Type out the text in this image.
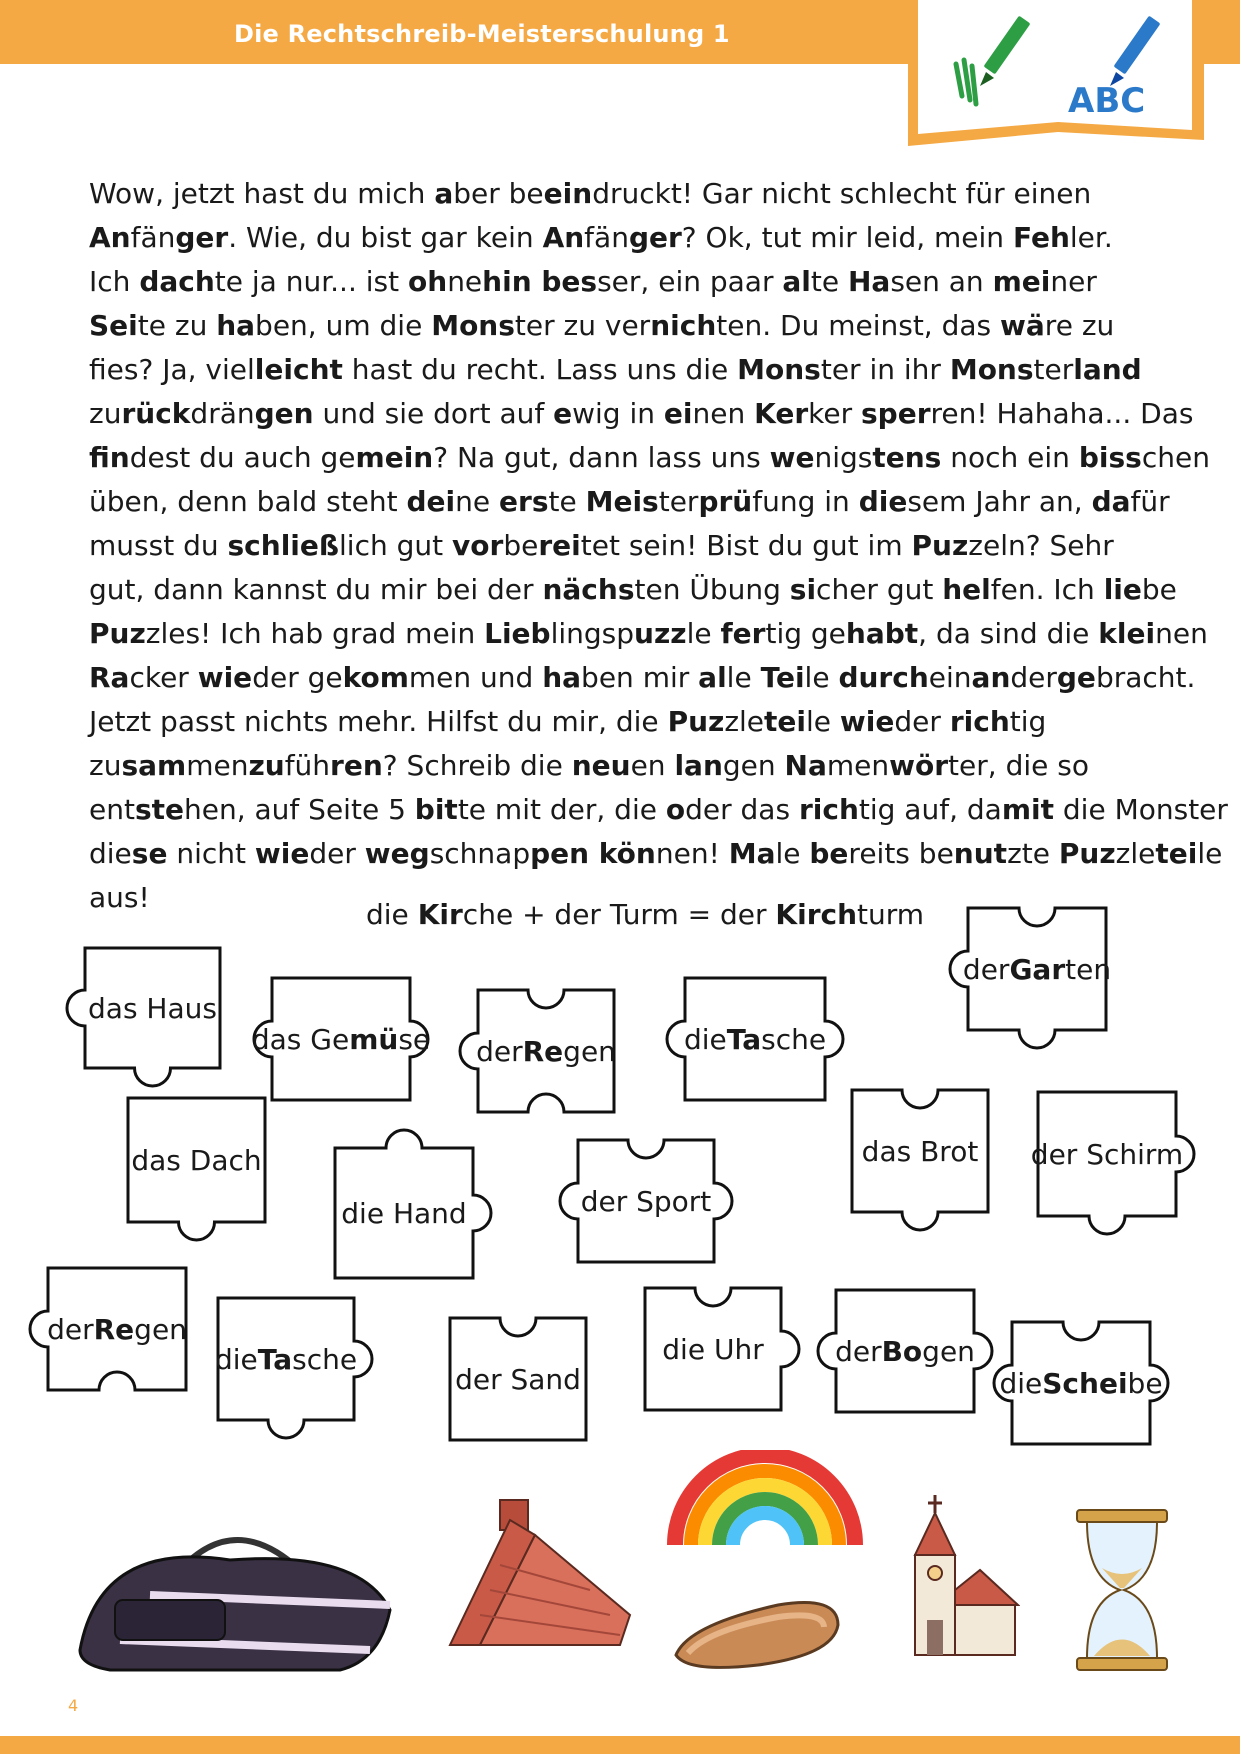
Die Rechtschreib-Meisterschulung 1
ABC

Wow, jetzt hast du mich aber beeindruckt! Gar nicht schlecht für einen
Anfänger. Wie, du bist gar kein Anfänger? Ok, tut mir leid, mein Fehler.
Ich dachte ja nur... ist ohnehin besser, ein paar alte Hasen an meiner
Seite zu haben, um die Monster zu vernichten. Du meinst, das wäre zu
fies? Ja, vielleicht hast du recht. Lass uns die Monster in ihr Monsterland
zurückdrängen und sie dort auf ewig in einen Kerker sperren! Hahaha... Das
findest du auch gemein? Na gut, dann lass uns wenigstens noch ein bisschen
üben, denn bald steht deine erste Meisterprüfung in diesem Jahr an, dafür
musst du schließlich gut vorbereitet sein! Bist du gut im Puzzeln? Sehr
gut, dann kannst du mir bei der nächsten Übung sicher gut helfen. Ich liebe
Puzzles! Ich hab grad mein Lieblingspuzzle fertig gehabt, da sind die kleinen
Racker wieder gekommen und haben mir alle Teile durcheinandergebracht.
Jetzt passt nichts mehr. Hilfst du mir, die Puzzleteile wieder richtig
zusammenzuführen? Schreib die neuen langen Namenwörter, die so
entstehen, auf Seite 5 bitte mit der, die oder das richtig auf, damit die Monster
diese nicht wieder wegschnappen können! Male bereits benutzte Puzzleteile
aus!

die Kirche + der Turm = der Kirchturm
das Haus
das Ge mü se der Re gen die Ta sche
der Gar ten
das Dach
die Hand	der Sport
das Brot der Schirm
der Re gen
die Ta sche
der Sand
die Uhr	der Bo gen
die Schei be
4
